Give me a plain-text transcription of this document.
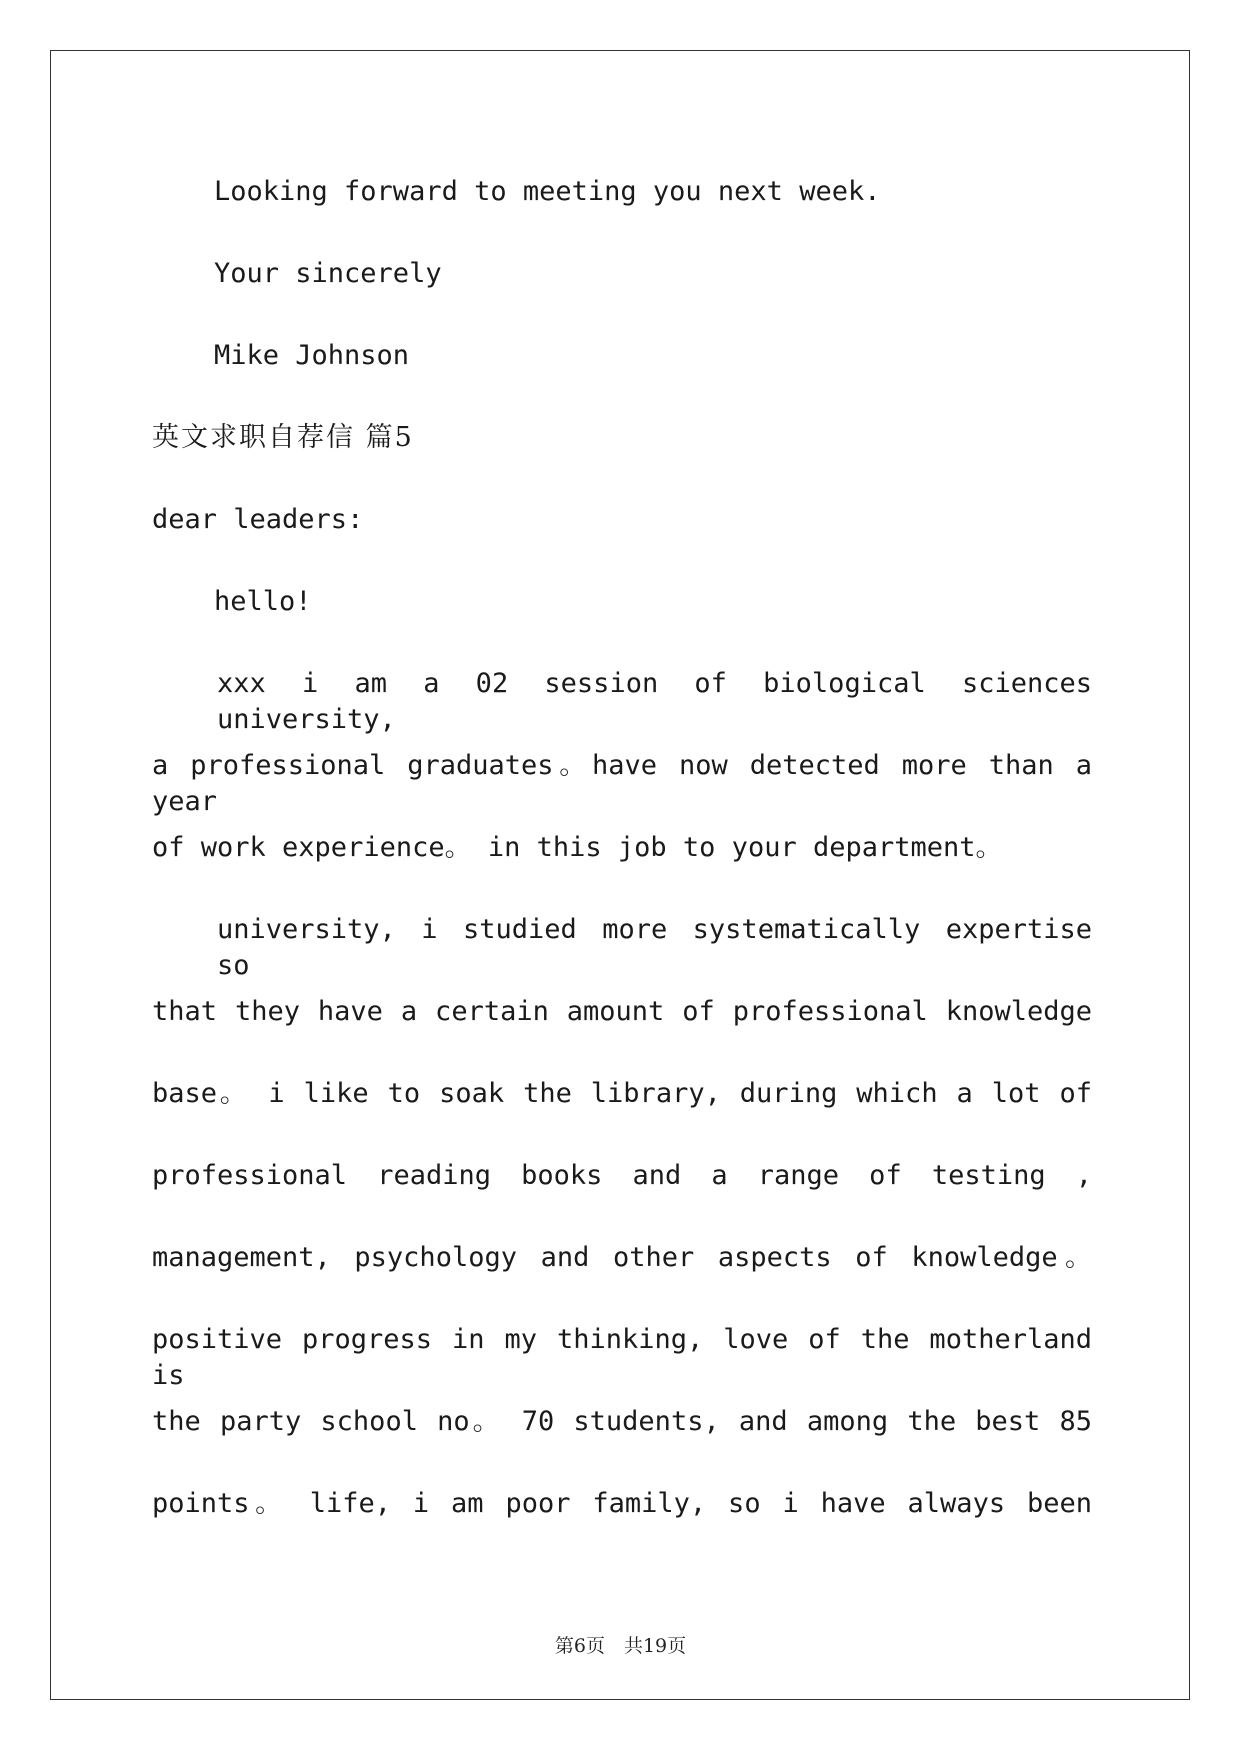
Looking forward to meeting you next week.
Your sincerely
Mike Johnson
英文求职自荐信 篇5
dear leaders:
hello!
xxx i am a 02 session of biological sciences university,
a professional graduates。have now detected more than a year
of work experience。 in this job to your department。
university, i studied more systematically expertise so
that they have a certain amount of professional knowledge
base。 i like to soak the library, during which a lot of
professional reading books and a range of testing ,
management, psychology and other aspects of knowledge。
positive progress in my thinking, love of the motherland is
the party school no。 70 students, and among the best 85
points。 life, i am poor family, so i have always been
第6页　共19页
